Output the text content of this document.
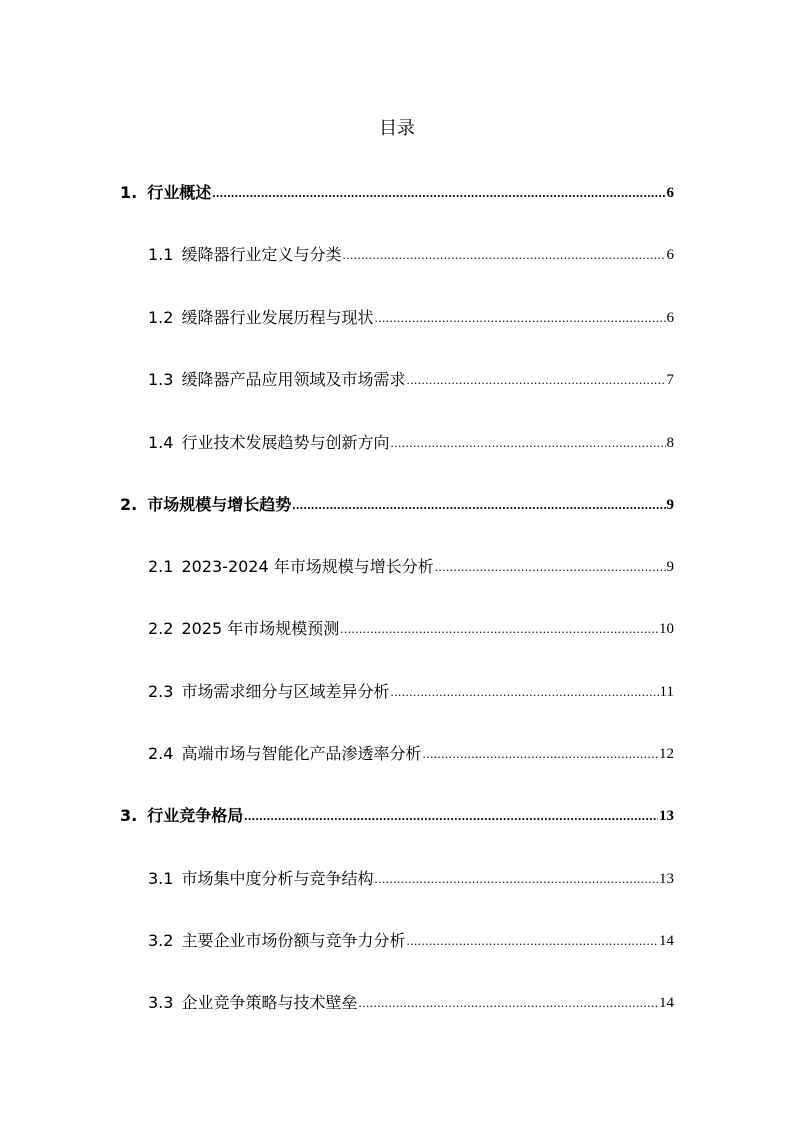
目录
1. 行业概述 .....	6
1.1 缓降器行业定义与分类 .....	6
1.2 缓降器行业发展历程与现状 .....	6
1.3 缓降器产品应用领域及市场需求 .....	7
1.4 行业技术发展趋势与创新方向 .....	8
2. 市场规模与增长趋势 .....	9
2.1 2023-2024 年市场规模与增长分析 .....	9
2.2 2025 年市场规模预测 .....	10
2.3 市场需求细分与区域差异分析 .....	11
2.4 高端市场与智能化产品渗透率分析 .....	12
3. 行业竞争格局 .....	13
3.1 市场集中度分析与竞争结构 .....	13
3.2 主要企业市场份额与竞争力分析 .....	14
3.3 企业竞争策略与技术壁垒 .....	14
